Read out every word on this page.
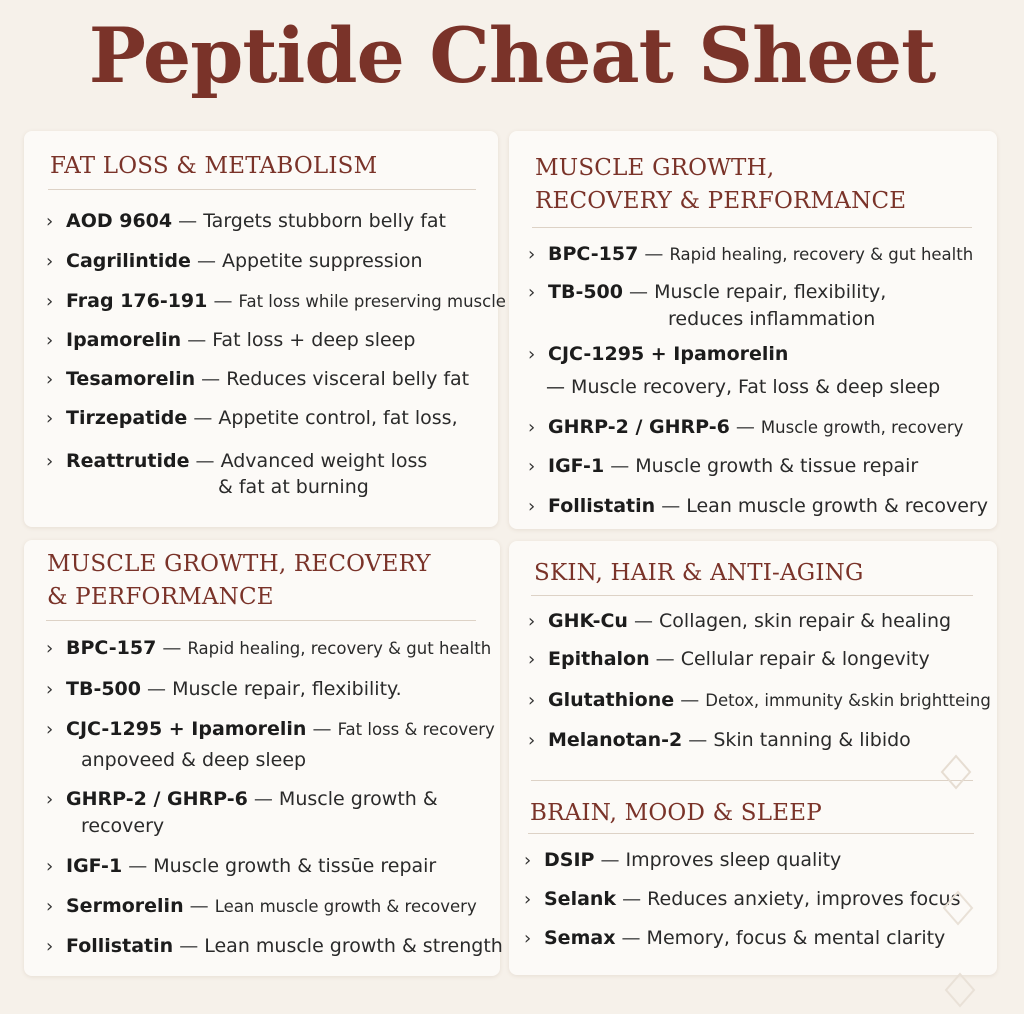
Peptide Cheat Sheet
FAT LOSS & METABOLISM
› AOD 9604 — Targets stubborn belly fat
› Cagrilintide — Appetite suppression
› Frag 176-191 — Fat loss while preserving muscle
› Ipamorelin — Fat loss + deep sleep
› Tesamorelin — Reduces visceral belly fat
› Tirzepatide — Appetite control, fat loss,
› Reattrutide — Advanced weight loss
& fat at burning
MUSCLE GROWTH,
RECOVERY & PERFORMANCE
› BPC-157 — Rapid healing, recovery & gut health
› TB-500 — Muscle repair, flexibility,
reduces inflammation
› CJC-1295 + Ipamorelin
— Muscle recovery, Fat loss & deep sleep
› GHRP-2 / GHRP-6 — Muscle growth, recovery
› IGF-1 — Muscle growth & tissue repair
› Follistatin — Lean muscle growth & recovery
MUSCLE GROWTH, RECOVERY
& PERFORMANCE
› BPC-157 — Rapid healing, recovery & gut health
› TB-500 — Muscle repair, flexibility.
› CJC-1295 + Ipamorelin — Fat loss & recovery
anpoveed & deep sleep
› GHRP-2 / GHRP-6 — Muscle growth &
recovery
› IGF-1 — Muscle growth & tissūe repair
› Sermorelin — Lean muscle growth & recovery
› Follistatin — Lean muscle growth & strength
SKIN, HAIR & ANTI-AGING
› GHK-Cu — Collagen, skin repair & healing
› Epithalon — Cellular repair & longevity
› Glutathione — Detox, immunity &skin brightteing
› Melanotan-2 — Skin tanning & libido
BRAIN, MOOD & SLEEP
› DSIP — Improves sleep quality
› Selank — Reduces anxiety, improves focus
› Semax — Memory, focus & mental clarity
